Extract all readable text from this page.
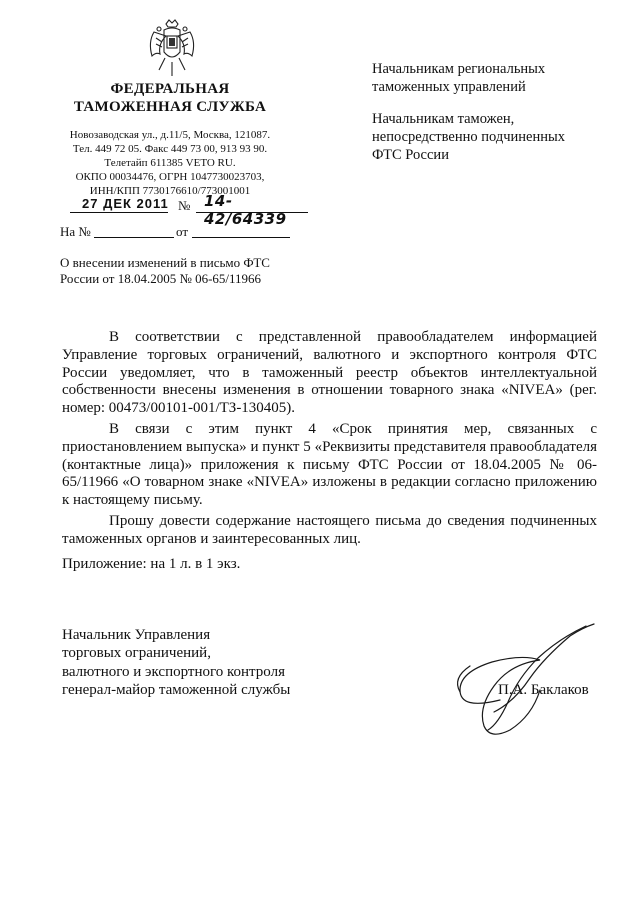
ФЕДЕРАЛЬНАЯ
ТАМОЖЕННАЯ СЛУЖБА
Новозаводская ул., д.11/5, Москва, 121087.
Тел. 449 72 05. Факс 449 73 00, 913 93 90.
Телетайп 611385 VETO RU.
ОКПО 00034476, ОГРН 1047730023703,
ИНН/КПП 7730176610/773001001
Начальникам региональных
таможенных управлений
Начальникам таможен,
непосредственно подчиненных
ФТС России
27 ДЕК 2011 № 14-42/64339
На №	от
О внесении изменений в письмо ФТС
России от 18.04.2005 № 06-65/11966

В соответствии с представленной правообладателем информацией Управление торговых ограничений, валютного и экспортного контроля ФТС России уведомляет, что в таможенный реестр объектов интеллектуальной собственности внесены изменения в отношении товарного знака «NIVEA» (рег. номер: 00473/00101-001/ТЗ-130405).

В связи с этим пункт 4 «Срок принятия мер, связанных с приостановлением выпуска» и пункт 5 «Реквизиты представителя правообладателя (контактные лица)» приложения к письму ФТС России от 18.04.2005 № 06-65/11966 «О товарном знаке «NIVEA» изложены в редакции согласно приложению к настоящему письму.

Прошу довести содержание настоящего письма до сведения подчиненных таможенных органов и заинтересованных лиц.

Приложение: на 1 л. в 1 экз.
Начальник Управления
торговых ограничений,
валютного и экспортного контроля
генерал-майор таможенной службы	П.А. Баклаков
